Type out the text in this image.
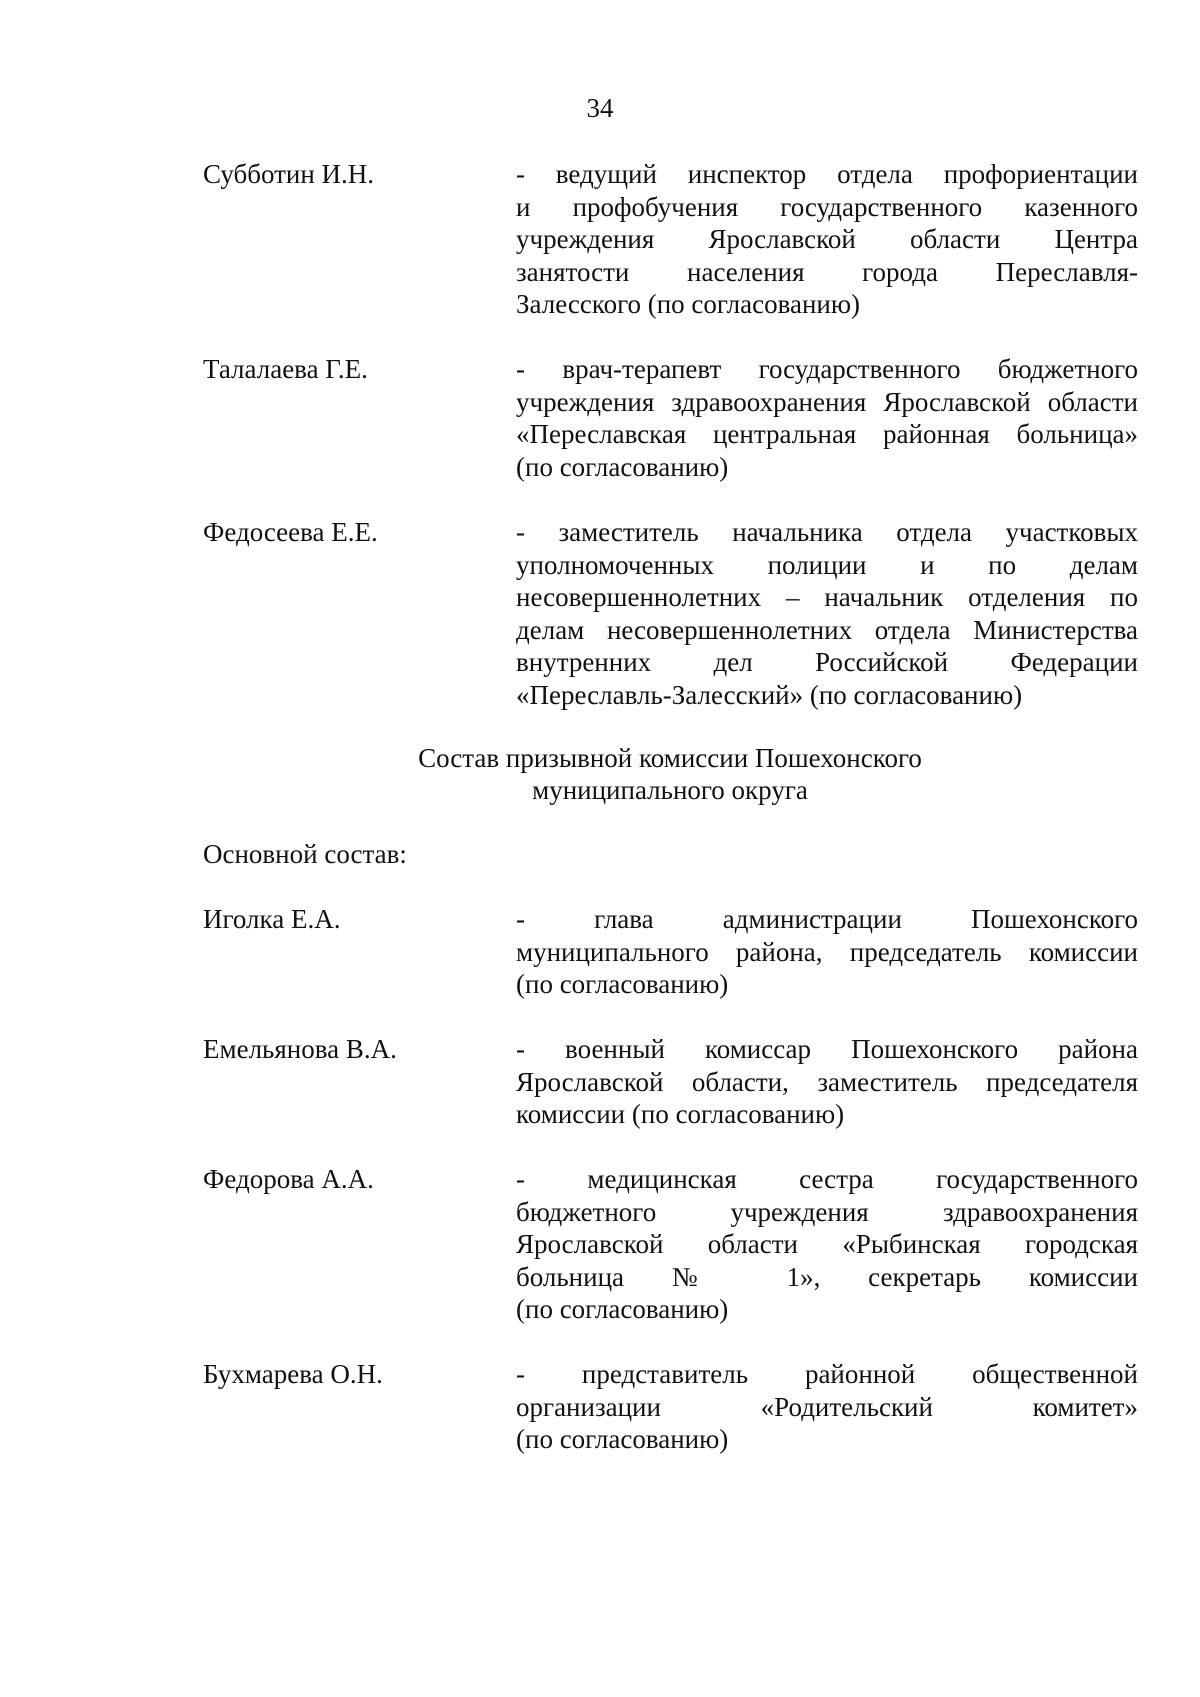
34
Субботин И.Н.	- ведущий инспектор отдела профориентации
и профобучения государственного казенного
учреждения Ярославской области Центра
занятости населения города Переславля-
Залесского (по согласованию)
Талалаева Г.Е.	- врач-терапевт государственного бюджетного
учреждения здравоохранения Ярославской области
«Переславская центральная районная больница»
(по согласованию)
Федосеева Е.Е.	- заместитель начальника отдела участковых
уполномоченных полиции и по делам
несовершеннолетних – начальник отделения по
делам несовершеннолетних отдела Министерства
внутренних дел Российской Федерации
«Переславль-Залесский» (по согласованию)
Состав призывной комиссии Пошехонского
муниципального округа
Основной состав:
Иголка Е.А.	- глава администрации Пошехонского
муниципального района, председатель комиссии
(по согласованию)
Емельянова В.А.	- военный комиссар Пошехонского района
Ярославской области, заместитель председателя
комиссии (по согласованию)
Федорова А.А.	- медицинская сестра государственного
бюджетного учреждения здравоохранения
Ярославской области «Рыбинская городская
больница № 1», секретарь комиссии
(по согласованию)
Бухмарева О.Н.	- представитель районной общественной
организации «Родительский комитет»
(по согласованию)
